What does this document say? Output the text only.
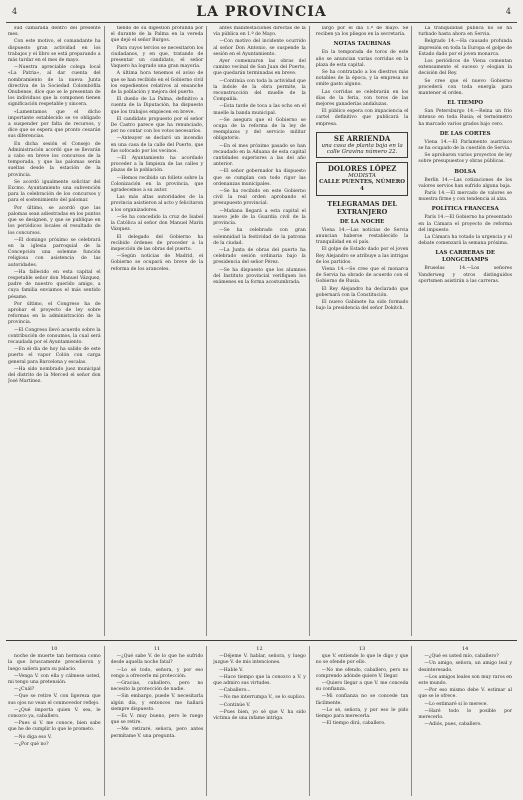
4	LA PROVINCIA	4

sud camarada dentro del presente mes.

Con este motivo, el comandante ha dispuesto gran actividad en los trabajos y el libro se está preparando a más tardar en el mes de mayo.

—Nuestra apreciable colega local «La Patria», al dar cuenta del nombramiento de la nueva Junta directiva de la Sociedad Colombófila Onubense, dice que se le presentan de los individuos que la componen tienen significación respetable y sincera.

«Lamentamos que el dicho importante establecido se ve obligado a suspender por falta de recursos, y dice que se espera que pronto cesarán sus diferencias.

En dicha sesión el Consejo de Administración acordó que se llevarán a cabo en breve los concursos de la temporada, y que las palomas serán sueltas desde la estación de la provincia.

Se acordó igualmente solicitar del Excmo. Ayuntamiento una subvención para la celebración de los concursos y para el sostenimiento del palomar.

Por último, se acordó que las palomas sean adiestradas en los puntos que se designen, y que se publique en los periódicos locales el resultado de los concursos.

—El domingo próximo se celebrará en la iglesia parroquial de la Concepción una solemne función religiosa con asistencia de las autoridades.

—Ha fallecido en esta capital el respetable señor don Manuel Vázquez, padre de nuestro querido amigo, a cuya familia enviamos el más sentido pésame.

Por último, el Congreso ha de aprobar el proyecto de ley sobre reformas en la administración de la provincia.

—El Congreso llevó acuerdo sobre la contribución de consumos, la cual será recaudada por el Ayuntamiento.

—En el día de hoy ha salido de este puerto el vapor Colón con carga general para Barcelona y escalas.

—Ha sido nombrado juez municipal del distrito de la Merced el señor don José Martínez.

tiendo de su digestión profunda por el durante de la Palma en la vereda que dejó el señor Burgos.

Para cuyos tercios se necesitaron los ciudadanos, y en que, tratando de presentar un candidato, el señor Vaquero ha logrado una gran mayoría.

A última hora tenemos el aviso de que se han recibido en el Gobierno civil los expedientes relativos al ensanche de la población y mejora del puerto.

El dueño de La Palma, definitivo a cuenta de la Diputación, ha dispuesto que los trabajos empiecen en breve.

El candidato propuesto por el señor De Castro parece que ha renunciado, por no contar con los votos necesarios.

—Anteayer se declaró un incendio en una casa de la calle del Puerto, que fue sofocado por los vecinos.

—El Ayuntamiento ha acordado proceder a la limpieza de las calles y plazas de la población.

—Hemos recibido un folleto sobre la Colonización en la provincia, que agradecemos a su autor.

Las más altas autoridades de la provincia asistieron al acto y felicitaron a los organizadores.

—Se ha concedido la cruz de Isabel la Católica al señor don Manuel Marín Vázquez.

El delegado del Gobierno ha recibido órdenes de proceder a la inspección de las obras del puerto.

—Según noticias de Madrid, el Gobierno se ocupará en breve de la reforma de los aranceles.

antes manifestaciones directas de la vía pública en 1.º de Mayo.

—Con motivo del incidente ocurrido al señor Don Antonio, se suspende la sesión en el Ayuntamiento.

Ayer comenzaron las obras del camino vecinal de San Juan del Puerto, que quedarán terminadas en breve.

—Continúa con toda la actividad que la índole de la obra permite, la reconstrucción del muelle de la Compañía.

—Esta tarde de toca a las ocho en el muelle la banda municipal.

—Se asegura que el Gobierno se ocupa de la reforma de la ley de reemplazos y del servicio militar obligatorio.

—En el mes próximo pasado se han recaudado en la Aduana de esta capital cantidades superiores a las del año anterior.

—El señor gobernador ha dispuesto que se cumplan con todo rigor las ordenanzas municipales.

—Se ha recibido en este Gobierno civil la real orden aprobando el presupuesto provincial.

—Mañana llegará a esta capital el nuevo jefe de la Guardia civil de la provincia.

—Se ha celebrado con gran solemnidad la festividad de la patrona de la ciudad.

—La Junta de obras del puerto ha celebrado sesión ordinaria bajo la presidencia del señor Pérez.

—Se ha dispuesto que los alumnos del Instituto provincial verifiquen los exámenes en la forma acostumbrada.

largo por el día 1.º de mayo. Se reciben ya los pliegos en la secretaría.

NOTAS TAURINAS

En la temporada de toros de este año se anuncian varias corridas en la plaza de esta capital.

Se ha contratado a los diestros más notables de la época, y la empresa no omite gasto alguno.

Las corridas se celebrarán en los días de la feria, con toros de las mejores ganaderías andaluzas.

El público espera con impaciencia el cartel definitivo que publicará la empresa.

SE ARRIENDA
una casa de planta baja en la calle Gravina número 22.
DOLORES LÓPEZ
MODISTA
CALLE PUENTES, NÚMERO 4
TELEGRAMAS DEL EXTRANJERO
DE LA NOCHE

Viena 14.—Las noticias de Servia anuncian haberse restablecido la tranquilidad en el país.

El golpe de Estado dado por el joven Rey Alejandro se atribuye a las intrigas de los partidos.

Viena 14.—Se cree que el monarca de Servia ha obrado de acuerdo con el Gobierno de Rusia.

El Rey Alejandro ha declarado que gobernará con la Constitución.

El nuevo Gabinete ha sido formado bajo la presidencia del señor Dokitch.

La tranquilidad pública no se ha turbado hasta ahora en Servia.

Belgrado 14.—Ha causado profunda impresión en toda la Europa el golpe de Estado dado por el joven monarca.

Los periódicos de Viena comentan extensamente el suceso y elogian la decisión del Rey.

Se cree que el nuevo Gobierno procederá con toda energía para mantener el orden.

EL TIEMPO

San Petersburgo 14.—Reina un frío intenso en toda Rusia; el termómetro ha marcado varios grados bajo cero.

DE LAS CORTES

Viena 14.—El Parlamento austriaco se ha ocupado de la cuestión de Servia.

Se aprobaron varios proyectos de ley sobre presupuestos y obras públicas.

BOLSA

Berlín 14.—Las cotizaciones de los valores servios han sufrido alguna baja.

París 14.—El mercado de valores se muestra firme y con tendencia al alza.

POLÍTICA FRANCESA

París 14.—El Gobierno ha presentado en la Cámara el proyecto de reforma del impuesto.

La Cámara ha votado la urgencia y el debate comenzará la semana próxima.

LAS CARRERAS DE LONGCHAMPS

Bruselas 14.—Los señores Vanderweg y otros distinguidos sportsmen asistirán a las carreras.

10

noche de muerte tan hermosa como la que bruscamente precedieron y luego saliera para su palacio.

—Venga V. con ella y cálmese usted, mi tengo una pretensión.

—¿Cuál?

—Que se retire V. con ligereza que sus ojos no vean el conmovedor reflejo.

—¿Qué importa quien V. sea, le conozco ya, caballero.

—Pues si V. me conoce, bien sabe que he de cumplir lo que le prometo.

—No diga eso V.

—¿Por qué no?

11

—¿Qué sabe V. de lo que he sufrido desde aquella noche fatal?

—Lo sé todo, señora, y por eso vengo a ofrecerle mi protección.

—Gracias, caballero, pero no necesito la protección de nadie.

—Sin embargo, puede V. necesitarla algún día, y entonces me hallará siempre dispuesto.

—Es V. muy bueno, pero le ruego que se retire.

—Me retiraré, señora, pero antes permítame V. una pregunta.

12

—Déjeme V. hablar, señora, y luego juzgue V. de mis intenciones.

—Hable V.

—Hace tiempo que la conozco a V. y que admiro sus virtudes.

—Caballero...

—No me interrumpa V., se lo suplico.

—Continúe V.

—Pues bien, yo sé que V. ha sido víctima de una infame intriga.

13

que V. entiende lo que le digo y que no se ofende por ello.

—No me ofendo, caballero, pero no comprendo adónde quiere V. llegar.

—Quiero llegar a que V. me conceda su confianza.

—Mi confianza no se concede tan fácilmente.

—Lo sé, señora, y por eso le pido tiempo para merecerla.

—El tiempo dirá, caballero.

14

—¿Qué es usted mío, caballero?

—Un amigo, señora, un amigo leal y desinteresado.

—Los amigos leales son muy raros en este mundo.

—Por eso mismo debe V. estimar al que se le ofrece.

—Lo estimaré si lo merece.

—Haré todo lo posible por merecerlo.

—Adiós, pues, caballero.
